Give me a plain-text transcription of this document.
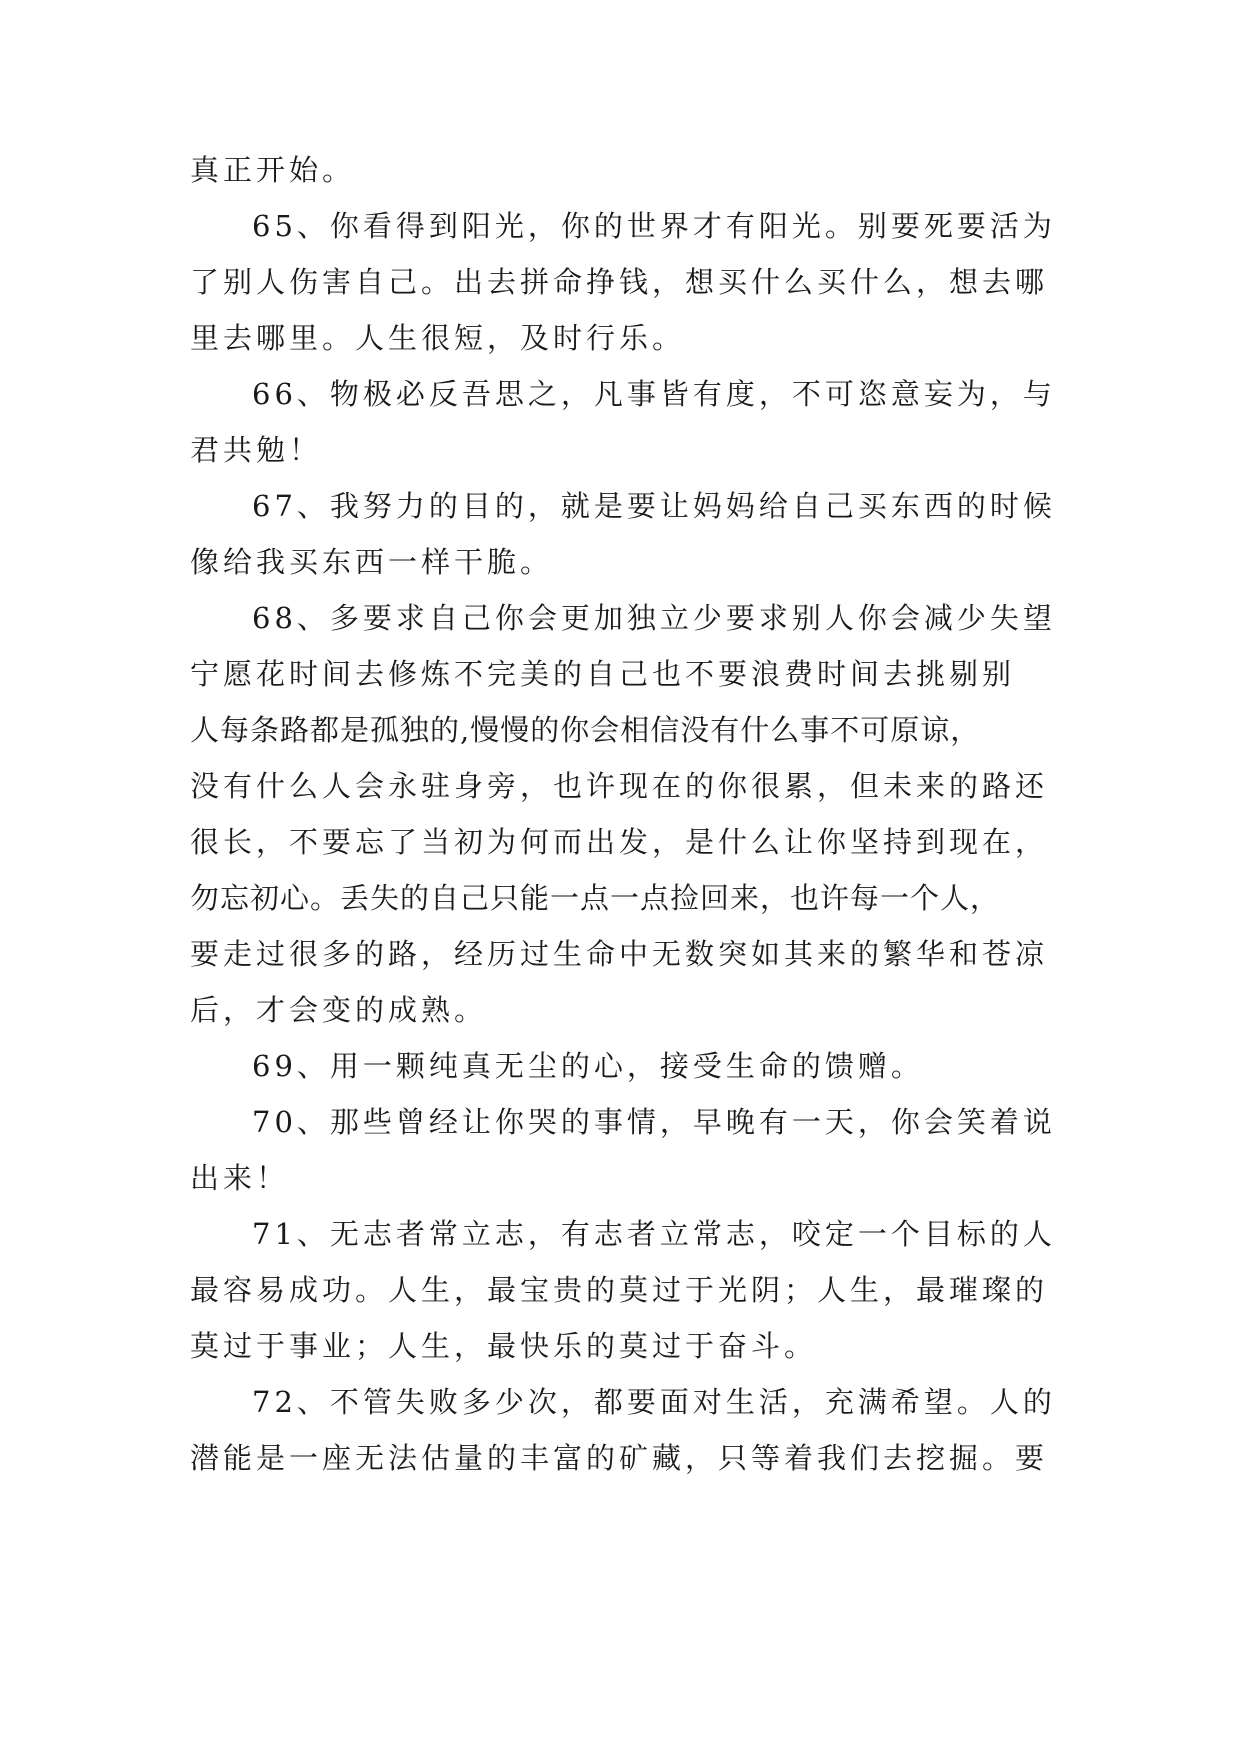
真正开始。
65、你看得到阳光，你的世界才有阳光。别要死要活为
了别人伤害自己。出去拼命挣钱，想买什么买什么，想去哪
里去哪里。人生很短，及时行乐。
66、物极必反吾思之，凡事皆有度，不可恣意妄为，与
君共勉！
67、我努力的目的，就是要让妈妈给自己买东西的时候
像给我买东西一样干脆。
68、多要求自己你会更加独立少要求别人你会减少失望
宁愿花时间去修炼不完美的自己也不要浪费时间去挑剔别
人每条路都是孤独的,慢慢的你会相信没有什么事不可原谅，
没有什么人会永驻身旁，也许现在的你很累，但未来的路还
很长，不要忘了当初为何而出发，是什么让你坚持到现在，
勿忘初心。丢失的自己只能一点一点捡回来，也许每一个人，
要走过很多的路，经历过生命中无数突如其来的繁华和苍凉
后，才会变的成熟。
69、用一颗纯真无尘的心，接受生命的馈赠。
70、那些曾经让你哭的事情，早晚有一天，你会笑着说
出来！
71、无志者常立志，有志者立常志，咬定一个目标的人
最容易成功。人生，最宝贵的莫过于光阴；人生，最璀璨的
莫过于事业；人生，最快乐的莫过于奋斗。
72、不管失败多少次，都要面对生活，充满希望。人的
潜能是一座无法估量的丰富的矿藏，只等着我们去挖掘。要
